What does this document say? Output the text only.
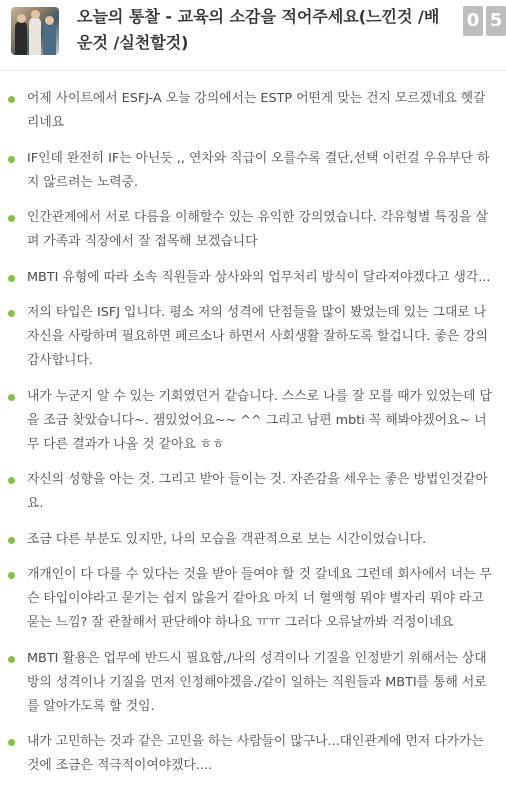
오늘의 통찰 - 교육의 소감을 적어주세요(느낀것 /배운것 /실천할것)
0 5
어제 사이트에서 ESFJ-A 오늘 강의에서는 ESTP 어떤게 맞는 건지 모르겠네요 헷갈리네요
IF인데 완전히 IF는 아닌듯 ,, 연차와 직급이 오를수록 결단,선택 이런걸 우유부단 하지 않르려는 노력중.
인간관계에서 서로 다름을 이해할수 있는 유익한 강의였습니다. 각유형별 특징을 살펴 가족과 직장에서 잘 접목해 보겠습니다
MBTI 유형에 따라 소속 직원들과 상사와의 업무처리 방식이 달라져야겠다고 생각...
저의 타입은 ISFJ 입니다. 평소 저의 성격에 단점들을 많이 봤었는데 있는 그대로 나 자신을 사랑하며 필요하면 페르소나 하면서 사회생활 잘하도록 할겁니다. 좋은 강의 감사합니다.
내가 누군지 알 수 있는 기회였던거 같습니다. 스스로 나를 잘 모를 때가 있었는데 답을 조금 찾았습니다~. 잼있었어요~~ ^^ 그리고 남편 mbti 꼭 해봐야겠어요~ 너무 다른 결과가 나올 것 같아요 ㅎㅎ
자신의 성향을 아는 것. 그리고 받아 들이는 것. 자존감을 세우는 좋은 방법인것같아요.
조금 다른 부분도 있지만, 나의 모습을 객관적으로 보는 시간이었습니다.
개개인이 다 다를 수 있다는 것을 받아 들여야 할 것 갈네요 그런데 회사에서 너는 무슨 타입이야라고 묻기는 쉽지 않을거 같아요 마치 너 혈액형 뭐야 별자리 뭐야 라고 묻는 느낌? 잘 관찰해서 판단해야 하나요 ㅠㅠ 그러다 오류날까봐 걱정이네요
MBTI 활용은 업무에 반드시 필요함,/나의 성격이나 기질을 인정받기 위해서는 상대방의 성격이나 기질을 먼저 인정해야겠음./같이 일하는 직원들과 MBTI를 통해 서로를 알아가도록 할 것임.
내가 고민하는 것과 같은 고민을 하는 사람들이 많구나...대인관계에 먼저 다가가는 것에 조금은 적극적이여야겠다....
